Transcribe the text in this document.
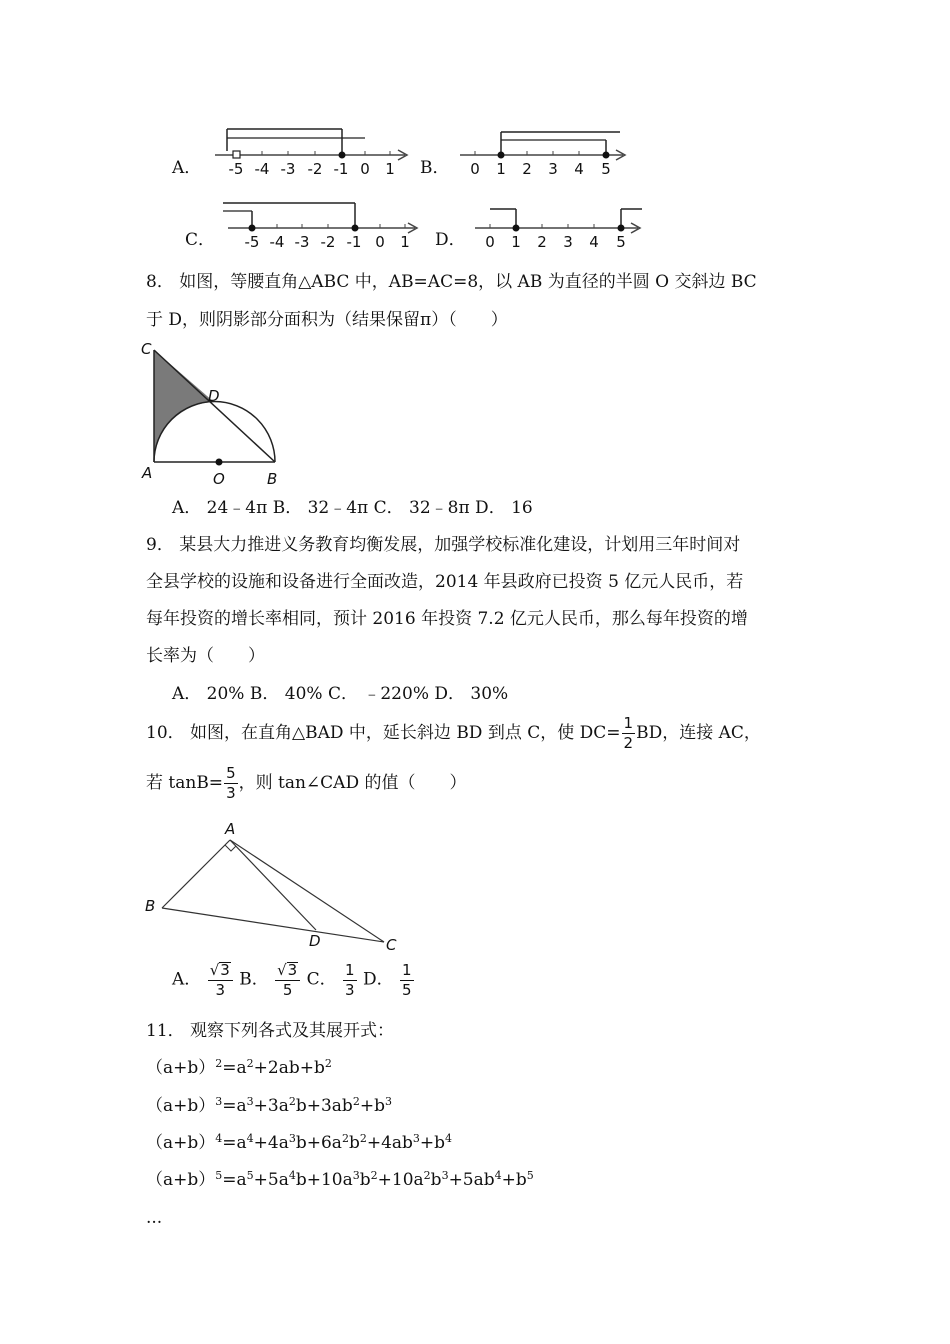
A． -5 -4 -3 -2 -1 0 1 B． 0 1 2 3 4 5
C． -5 -4 -3 -2 -1 0 1 D． 0 1 2 3 4 5
8． 如图，等腰直角△ABC 中，AB=AC=8，以 AB 为直径的半圆 O 交斜边 BC
于 D，则阴影部分面积为（结果保留π）（　　）
C
D
A	O	B
A． 24﹣4π B． 32﹣4π C． 32﹣8π D． 16
9． 某县大力推进义务教育均衡发展，加强学校标准化建设，计划用三年时间对
全县学校的设施和设备进行全面改造，2014 年县政府已投资 5 亿元人民币，若
每年投资的增长率相同，预计 2016 年投资 7.2 亿元人民币，那么每年投资的增
长率为（　　）
A． 20% B． 40% C． ﹣220% D． 30%
10． 如图，在直角△BAD 中，延长斜边 BD 到点 C，使 $DC= \frac{1}{2}$ BD，连接 AC，
若 $\tan B= \frac{5}{3}$ ，则 tan∠CAD 的值（　　）
A
B
D	C
A． $\frac{√3}{3}$ B． $\frac{√3}{5}$ C． $\frac{1}{3}$ D． $\frac{1}{5}$
11． 观察下列各式及其展开式：
$(a+b)^2=a^2+2ab+b^2$
$(a+b)^3=a^3+3a^2b+3ab^2+b^3$
$(a+b)^4=a^4+4a^3b+6a^2b^2+4ab^3+b^4$
$(a+b)^5=a^5+5a^4b+10a^3b^2+10a^2b^3+5ab^4+b^5$
...
